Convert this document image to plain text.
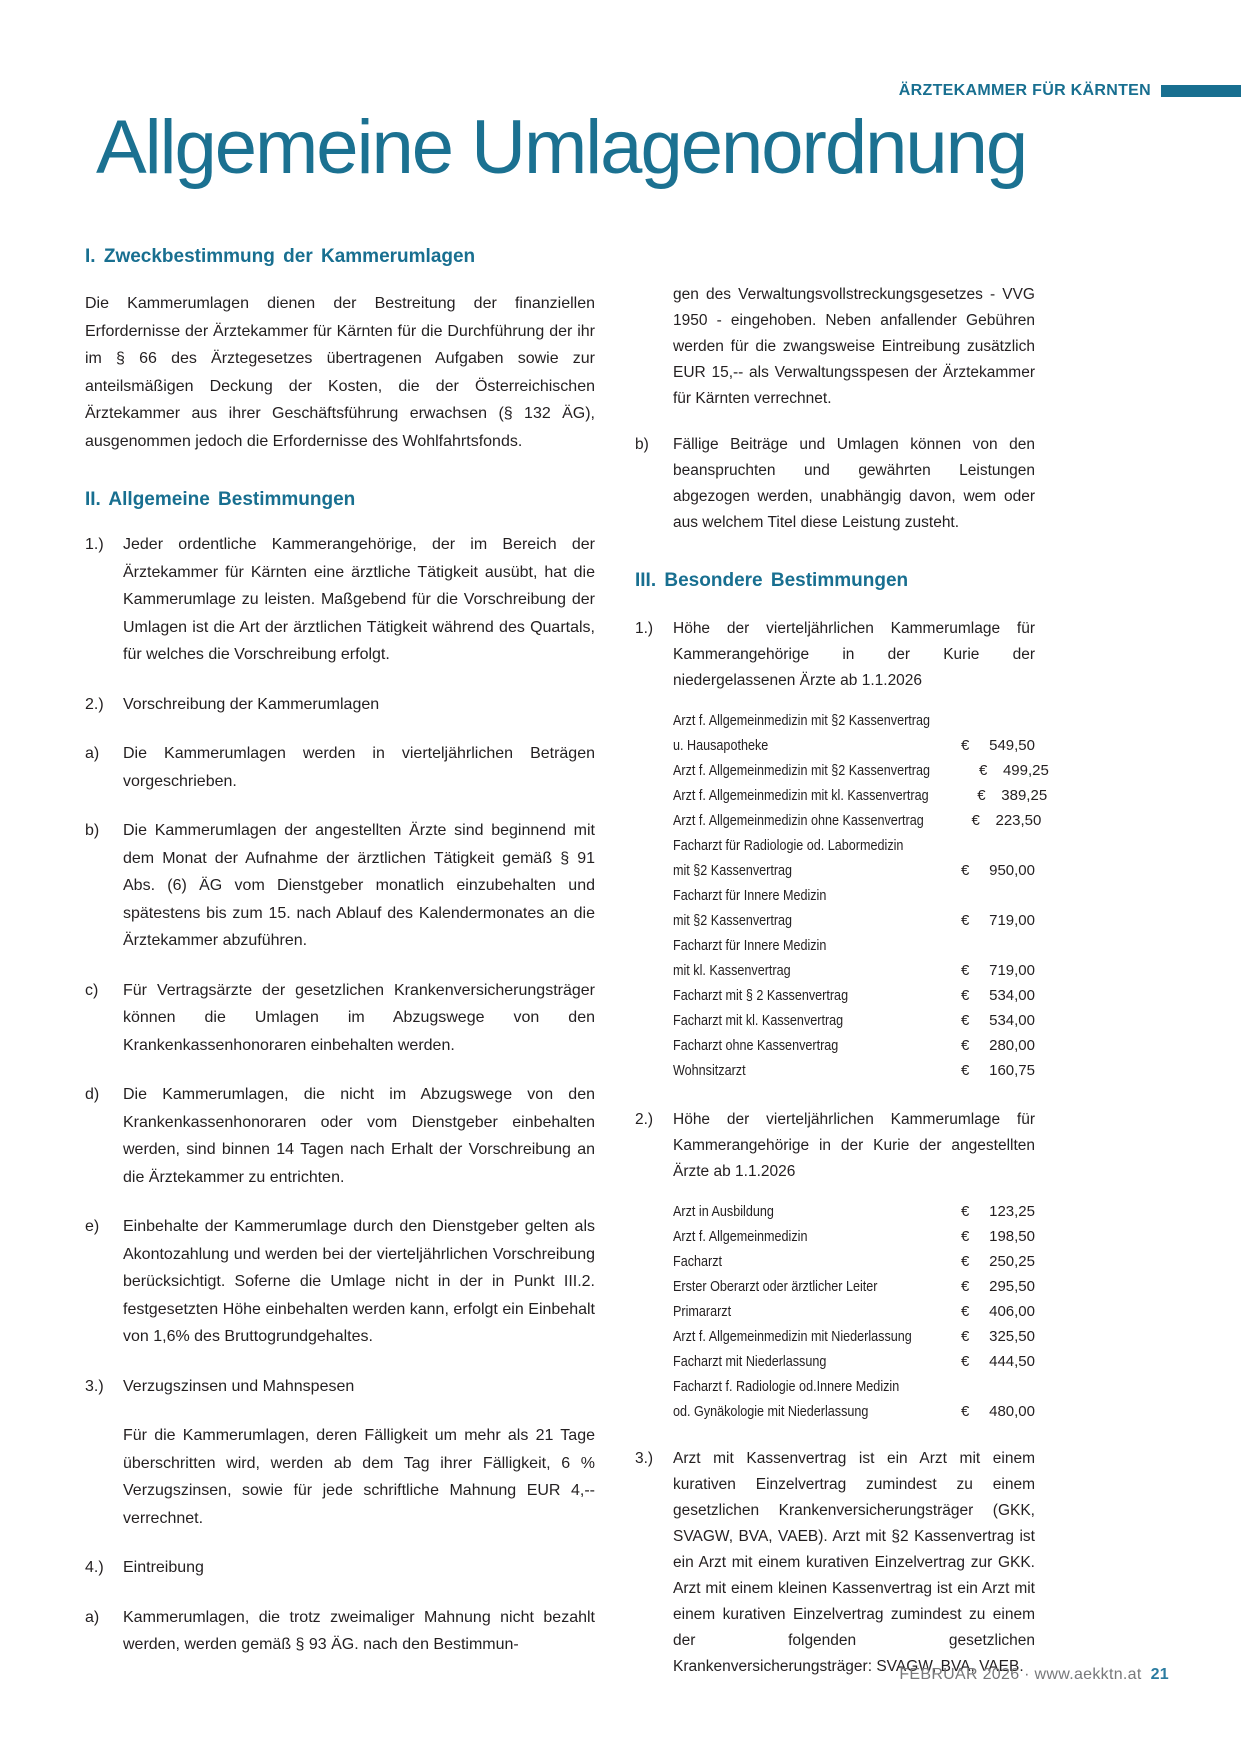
ÄRZTEKAMMER FÜR KÄRNTEN
Allgemeine Umlagenordnung
I. Zweckbestimmung der Kammerumlagen

Die Kammerumlagen dienen der Bestreitung der finanziellen Erfordernisse der Ärztekammer für Kärnten für die Durchführung der ihr im § 66 des Ärztegesetzes übertragenen Aufgaben sowie zur anteilsmäßigen Deckung der Kosten, die der Österreichischen Ärztekammer aus ihrer Geschäftsführung erwachsen (§ 132 ÄG), ausgenommen jedoch die Erfordernisse des Wohlfahrtsfonds.

II. Allgemeine Bestimmungen
1.)	Jeder ordentliche Kammerangehörige, der im Bereich der Ärztekammer für Kärnten eine ärztliche Tätigkeit ausübt, hat die Kammerumlage zu leisten. Maßgebend für die Vorschreibung der Umlagen ist die Art der ärztlichen Tätigkeit während des Quartals, für welches die Vorschreibung erfolgt.
2.)	Vorschreibung der Kammerumlagen
a)	Die Kammerumlagen werden in vierteljährlichen Beträgen vorgeschrieben.
b)	Die Kammerumlagen der angestellten Ärzte sind beginnend mit dem Monat der Aufnahme der ärztlichen Tätigkeit gemäß § 91 Abs. (6) ÄG vom Dienstgeber monatlich einzubehalten und spätestens bis zum 15. nach Ablauf des Kalendermonates an die Ärztekammer abzuführen.
c)	Für Vertragsärzte der gesetzlichen Krankenversicherungsträger können die Umlagen im Abzugswege von den Krankenkassenhonoraren einbehalten werden.
d)	Die Kammerumlagen, die nicht im Abzugswege von den Krankenkassenhonoraren oder vom Dienstgeber einbehalten werden, sind binnen 14 Tagen nach Erhalt der Vorschreibung an die Ärztekammer zu entrichten.
e)	Einbehalte der Kammerumlage durch den Dienstgeber gelten als Akontozahlung und werden bei der vierteljährlichen Vorschreibung berücksichtigt. Soferne die Umlage nicht in der in Punkt III.2. festgesetzten Höhe einbehalten werden kann, erfolgt ein Einbehalt von 1,6% des Bruttogrundgehaltes.
3.)	Verzugszinsen und Mahnspesen
Für die Kammerumlagen, deren Fälligkeit um mehr als 21 Tage überschritten wird, werden ab dem Tag ihrer Fälligkeit, 6 % Verzugszinsen, sowie für jede schriftliche Mahnung EUR 4,-- verrechnet.
4.)	Eintreibung
a)	Kammerumlagen, die trotz zweimaliger Mahnung nicht bezahlt werden, werden gemäß § 93 ÄG. nach den Bestimmun-
gen des Verwaltungsvollstreckungsgesetzes - VVG 1950 - eingehoben. Neben anfallender Gebühren werden für die zwangsweise Eintreibung zusätzlich EUR 15,-- als Verwaltungsspesen der Ärztekammer für Kärnten verrechnet.
b)	Fällige Beiträge und Umlagen können von den beanspruchten und gewährten Leistungen abgezogen werden, unabhängig davon, wem oder aus welchem Titel diese Leistung zusteht.
III. Besondere Bestimmungen
1.)	Höhe der vierteljährlichen Kammerumlage für Kammerangehörige in der Kurie der niedergelassenen Ärzte ab 1.1.2026
Arzt f. Allgemeinmedizin mit §2 Kassenvertrag
u. Hausapotheke	€	549,50
Arzt f. Allgemeinmedizin mit §2 Kassenvertrag	€	499,25
Arzt f. Allgemeinmedizin mit kl. Kassenvertrag	€	389,25
Arzt f. Allgemeinmedizin ohne Kassenvertrag	€	223,50
Facharzt für Radiologie od. Labormedizin
mit §2 Kassenvertrag	€	950,00
Facharzt für Innere Medizin
mit §2 Kassenvertrag	€	719,00
Facharzt für Innere Medizin
mit kl. Kassenvertrag	€	719,00
Facharzt mit § 2 Kassenvertrag	€	534,00
Facharzt mit kl. Kassenvertrag	€	534,00
Facharzt ohne Kassenvertrag	€	280,00
Wohnsitzarzt	€	160,75
2.)	Höhe der vierteljährlichen Kammerumlage für Kammerangehörige in der Kurie der angestellten Ärzte ab 1.1.2026
Arzt in Ausbildung	€	123,25
Arzt f. Allgemeinmedizin	€	198,50
Facharzt	€	250,25
Erster Oberarzt oder ärztlicher Leiter	€	295,50
Primararzt	€	406,00
Arzt f. Allgemeinmedizin mit Niederlassung	€	325,50
Facharzt mit Niederlassung	€	444,50
Facharzt f. Radiologie od.Innere Medizin
od. Gynäkologie mit Niederlassung	€	480,00
3.)	Arzt mit Kassenvertrag ist ein Arzt mit einem kurativen Einzelvertrag zumindest zu einem gesetzlichen Krankenversicherungsträger (GKK, SVAGW, BVA, VAEB). Arzt mit §2 Kassenvertrag ist ein Arzt mit einem kurativen Einzelvertrag zur GKK. Arzt mit einem kleinen Kassenvertrag ist ein Arzt mit einem kurativen Einzelvertrag zumindest zu einem der folgenden gesetzlichen Krankenversicherungsträger: SVAGW, BVA, VAEB.
FEBRUAR 2026 · www.aekktn.at 21
